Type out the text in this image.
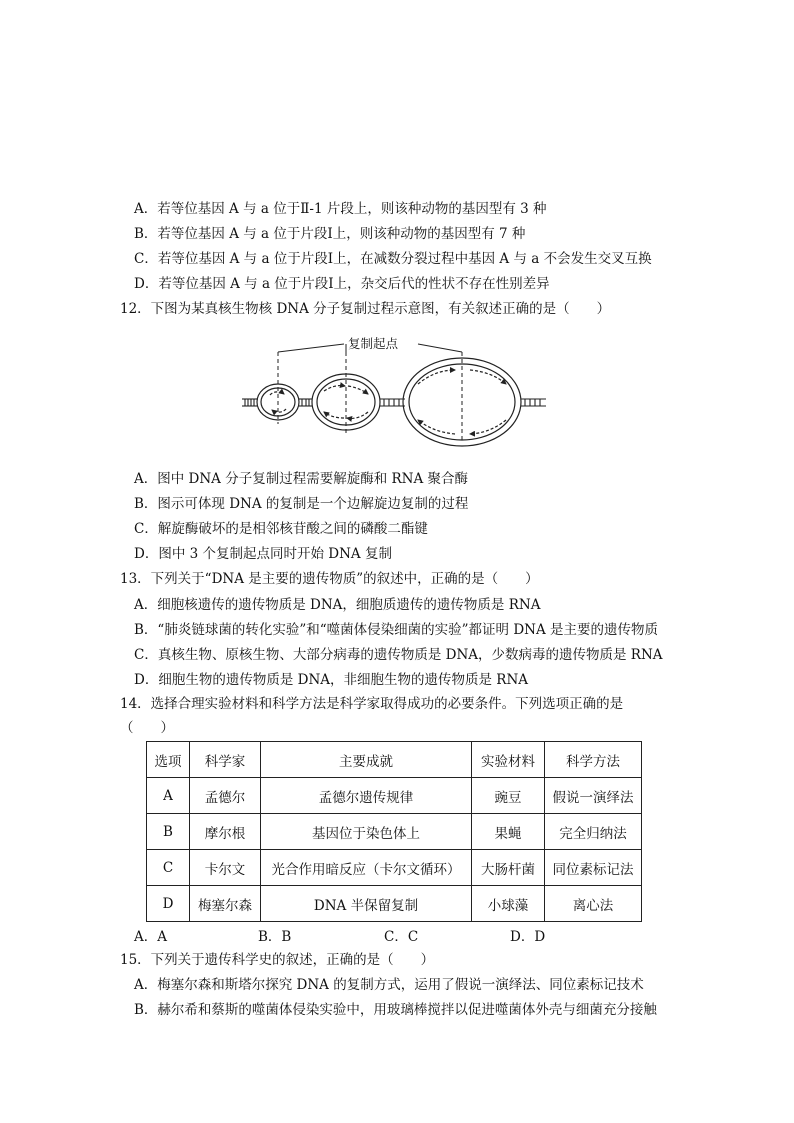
A．若等位基因 A 与 a 位于Ⅱ-1 片段上，则该种动物的基因型有 3 种
B．若等位基因 A 与 a 位于片段Ⅰ上，则该种动物的基因型有 7 种
C．若等位基因 A 与 a 位于片段Ⅰ上，在减数分裂过程中基因 A 与 a 不会发生交叉互换
D．若等位基因 A 与 a 位于片段Ⅰ上，杂交后代的性状不存在性别差异
12．下图为某真核生物核 DNA 分子复制过程示意图，有关叙述正确的是（　　）
复制起点
A．图中 DNA 分子复制过程需要解旋酶和 RNA 聚合酶
B．图示可体现 DNA 的复制是一个边解旋边复制的过程
C．解旋酶破坏的是相邻核苷酸之间的磷酸二酯键
D．图中 3 个复制起点同时开始 DNA 复制
13．下列关于“DNA 是主要的遗传物质”的叙述中，正确的是（　　）
A．细胞核遗传的遗传物质是 DNA，细胞质遗传的遗传物质是 RNA
B．“肺炎链球菌的转化实验”和“噬菌体侵染细菌的实验”都证明 DNA 是主要的遗传物质
C．真核生物、原核生物、大部分病毒的遗传物质是 DNA，少数病毒的遗传物质是 RNA
D．细胞生物的遗传物质是 DNA，非细胞生物的遗传物质是 RNA
14．选择合理实验材料和科学方法是科学家取得成功的必要条件。下列选项正确的是
（　　）
选项	科学家	主要成就	实验材料	科学方法
A	孟德尔	孟德尔遗传规律	豌豆	假说一演绎法
B	摩尔根	基因位于染色体上	果蝇	完全归纳法
C	卡尔文	光合作用暗反应（卡尔文循环）	大肠杆菌	同位素标记法
D	梅塞尔森	DNA 半保留复制	小球藻	离心法
A．A	B．B	C．C	D．D
15．下列关于遗传科学史的叙述，正确的是（　　）
A．梅塞尔森和斯塔尔探究 DNA 的复制方式，运用了假说一演绎法、同位素标记技术
B．赫尔希和蔡斯的噬菌体侵染实验中，用玻璃棒搅拌以促进噬菌体外壳与细菌充分接触
